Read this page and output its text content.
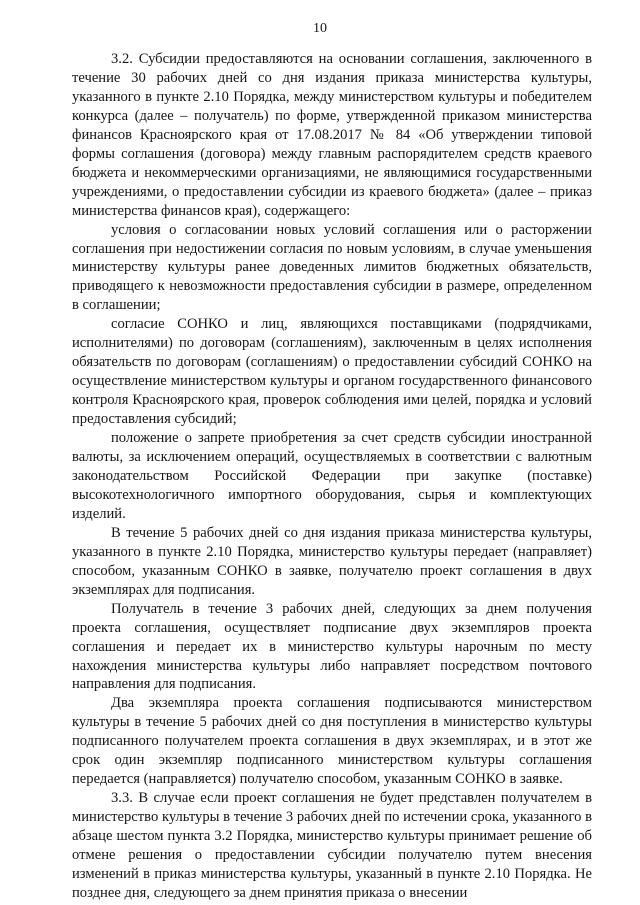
10

3.2. Субсидии предоставляются на основании соглашения, заключенного в течение 30 рабочих дней со дня издания приказа министерства культуры, указанного в пункте 2.10 Порядка, между министерством культуры и победителем конкурса (далее – получатель) по форме, утвержденной приказом министерства финансов Красноярского края от 17.08.2017 № 84 «Об утверждении типовой формы соглашения (договора) между главным распорядителем средств краевого бюджета и некоммерческими организациями, не являющимися государственными учреждениями, о предоставлении субсидии из краевого бюджета» (далее – приказ министерства финансов края), содержащего:

условия о согласовании новых условий соглашения или о расторжении соглашения при недостижении согласия по новым условиям, в случае уменьшения министерству культуры ранее доведенных лимитов бюджетных обязательств, приводящего к невозможности предоставления субсидии в размере, определенном в соглашении;

согласие СОНКО и лиц, являющихся поставщиками (подрядчиками, исполнителями) по договорам (соглашениям), заключенным в целях исполнения обязательств по договорам (соглашениям) о предоставлении субсидий СОНКО на осуществление министерством культуры и органом государственного финансового контроля Красноярского края, проверок соблюдения ими целей, порядка и условий предоставления субсидий;

положение о запрете приобретения за счет средств субсидии иностранной валюты, за исключением операций, осуществляемых в соответствии с валютным законодательством Российской Федерации при закупке (поставке) высокотехнологичного импортного оборудования, сырья и комплектующих изделий.

В течение 5 рабочих дней со дня издания приказа министерства культуры, указанного в пункте 2.10 Порядка, министерство культуры передает (направляет) способом, указанным СОНКО в заявке, получателю проект соглашения в двух экземплярах для подписания.

Получатель в течение 3 рабочих дней, следующих за днем получения проекта соглашения, осуществляет подписание двух экземпляров проекта соглашения и передает их в министерство культуры нарочным по месту нахождения министерства культуры либо направляет посредством почтового направления для подписания.

Два экземпляра проекта соглашения подписываются министерством культуры в течение 5 рабочих дней со дня поступления в министерство культуры подписанного получателем проекта соглашения в двух экземплярах, и в этот же срок один экземпляр подписанного министерством культуры соглашения передается (направляется) получателю способом, указанным СОНКО в заявке.

3.3. В случае если проект соглашения не будет представлен получателем в министерство культуры в течение 3 рабочих дней по истечении срока, указанного в абзаце шестом пункта 3.2 Порядка, министерство культуры принимает решение об отмене решения о предоставлении субсидии получателю путем внесения изменений в приказ министерства культуры, указанный в пункте 2.10 Порядка. Не позднее дня, следующего за днем принятия приказа о внесении
